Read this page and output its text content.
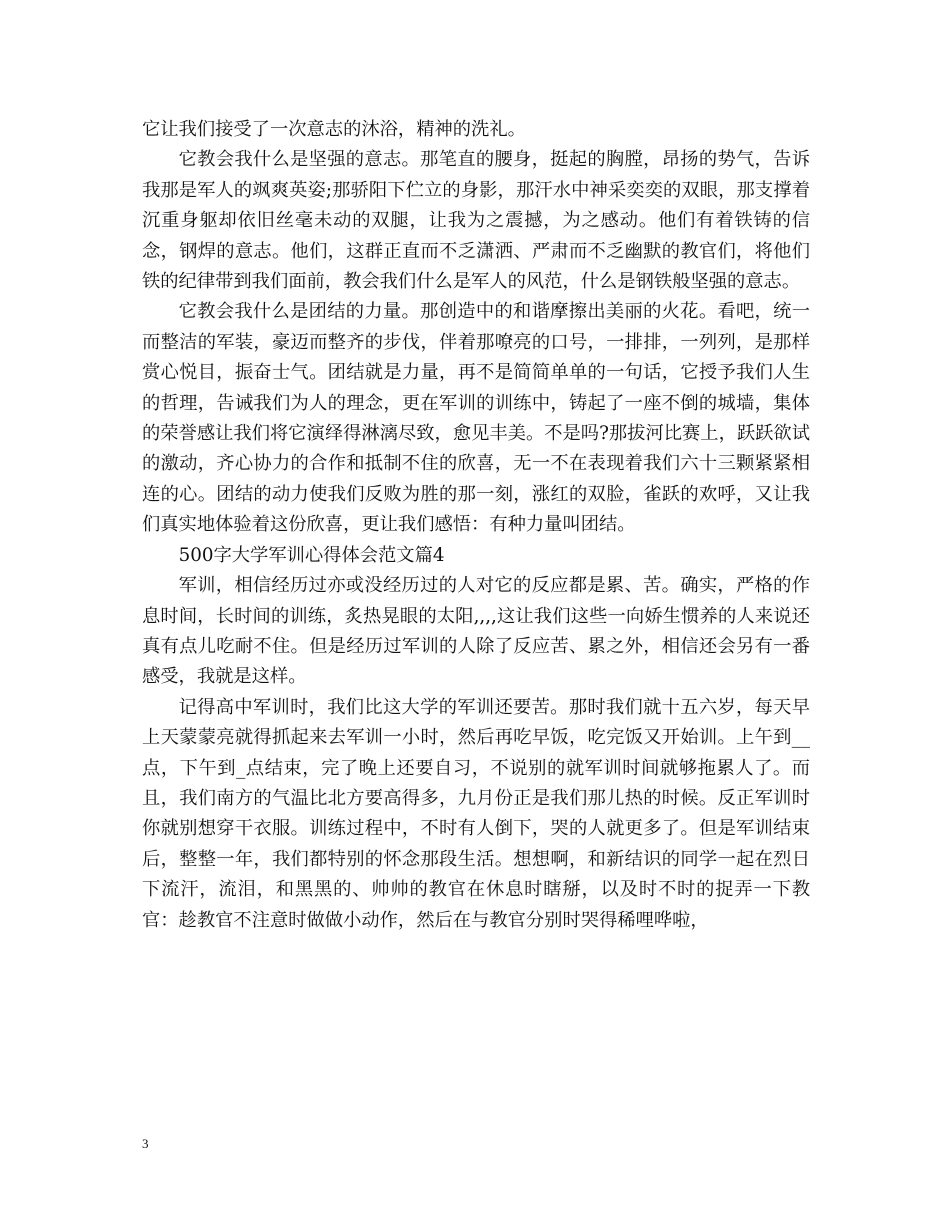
它让我们接受了一次意志的沐浴，精神的洗礼。

它教会我什么是坚强的意志。那笔直的腰身，挺起的胸膛，昂扬的势气，告诉我那是军人的飒爽英姿;那骄阳下伫立的身影，那汗水中神采奕奕的双眼，那支撑着沉重身躯却依旧丝毫未动的双腿，让我为之震撼，为之感动。他们有着铁铸的信念，钢焊的意志。他们，这群正直而不乏潇洒、严肃而不乏幽默的教官们，将他们铁的纪律带到我们面前，教会我们什么是军人的风范，什么是钢铁般坚强的意志。

它教会我什么是团结的力量。那创造中的和谐摩擦出美丽的火花。看吧，统一而整洁的军装，豪迈而整齐的步伐，伴着那嘹亮的口号，一排排，一列列，是那样赏心悦目，振奋士气。团结就是力量，再不是简简单单的一句话，它授予我们人生的哲理，告诫我们为人的理念，更在军训的训练中，铸起了一座不倒的城墙，集体的荣誉感让我们将它演绎得淋漓尽致，愈见丰美。不是吗?那拔河比赛上，跃跃欲试的激动，齐心协力的合作和抵制不住的欣喜，无一不在表现着我们六十三颗紧紧相连的心。团结的动力使我们反败为胜的那一刻，涨红的双脸，雀跃的欢呼，又让我们真实地体验着这份欣喜，更让我们感悟：有种力量叫团结。

500字大学军训心得体会范文篇4

军训，相信经历过亦或没经历过的人对它的反应都是累、苦。确实，严格的作息时间，长时间的训练，炙热晃眼的太阳,,,,这让我们这些一向娇生惯养的人来说还真有点儿吃耐不住。但是经历过军训的人除了反应苦、累之外，相信还会另有一番感受，我就是这样。

记得高中军训时，我们比这大学的军训还要苦。那时我们就十五六岁，每天早上天蒙蒙亮就得抓起来去军训一小时，然后再吃早饭，吃完饭又开始训。上午到__点，下午到_点结束，完了晚上还要自习，不说别的就军训时间就够拖累人了。而且，我们南方的气温比北方要高得多，九月份正是我们那儿热的时候。反正军训时你就别想穿干衣服。训练过程中，不时有人倒下，哭的人就更多了。但是军训结束后，整整一年，我们都特别的怀念那段生活。想想啊，和新结识的同学一起在烈日下流汗，流泪，和黑黑的、帅帅的教官在休息时瞎掰，以及时不时的捉弄一下教官：趁教官不注意时做做小动作，然后在与教官分别时哭得稀哩哗啦，

3
